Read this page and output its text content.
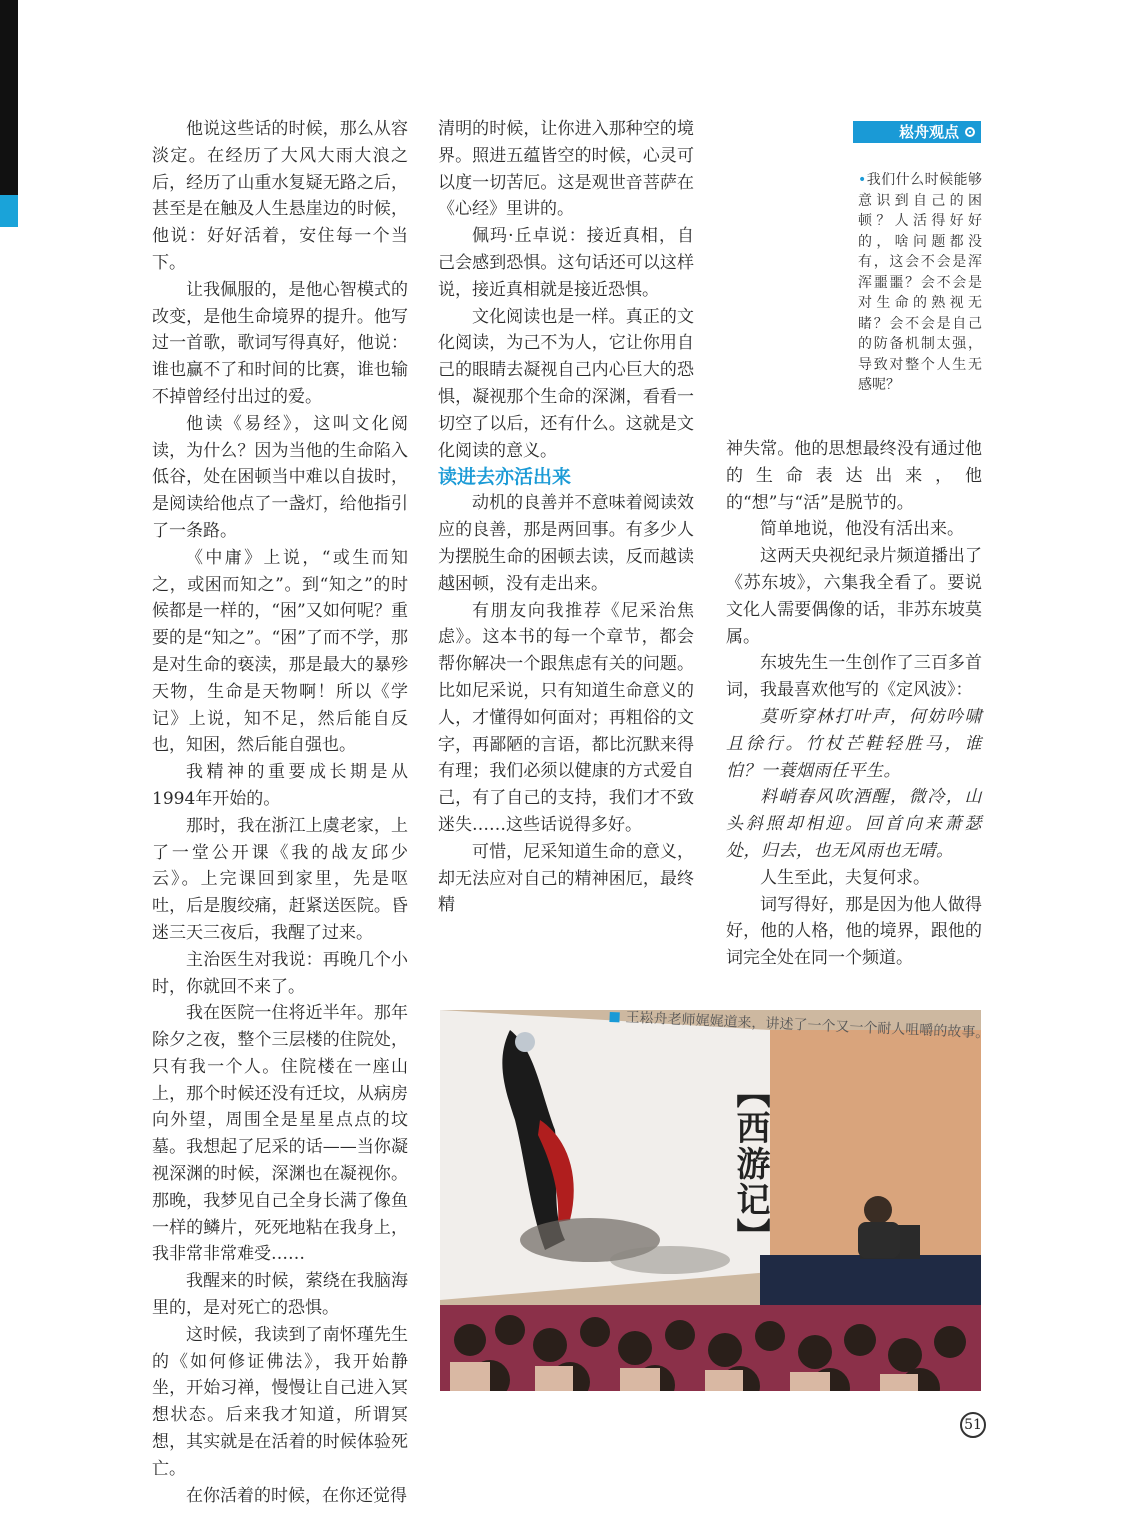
他说这些话的时候，那么从容淡定。在经历了大风大雨大浪之后，经历了山重水复疑无路之后，甚至是在触及人生悬崖边的时候，他说：好好活着，安住每一个当下。

让我佩服的，是他心智模式的改变，是他生命境界的提升。他写过一首歌，歌词写得真好，他说：谁也赢不了和时间的比赛，谁也输不掉曾经付出过的爱。

他读《易经》，这叫文化阅读，为什么？因为当他的生命陷入低谷，处在困顿当中难以自拔时，是阅读给他点了一盏灯，给他指引了一条路。

《中庸》上说，“或生而知之，或困而知之”。到“知之”的时候都是一样的，“困”又如何呢？重要的是“知之”。“困”了而不学，那是对生命的亵渎，那是最大的暴殄天物，生命是天物啊！所以《学记》上说，知不足，然后能自反也，知困，然后能自强也。

我精神的重要成长期是从1994年开始的。

那时，我在浙江上虞老家，上了一堂公开课《我的战友邱少云》。上完课回到家里，先是呕吐，后是腹绞痛，赶紧送医院。昏迷三天三夜后，我醒了过来。

主治医生对我说：再晚几个小时，你就回不来了。

我在医院一住将近半年。那年除夕之夜，整个三层楼的住院处，只有我一个人。住院楼在一座山上，那个时候还没有迁坟，从病房向外望，周围全是星星点点的坟墓。我想起了尼采的话——当你凝视深渊的时候，深渊也在凝视你。那晚，我梦见自己全身长满了像鱼一样的鳞片，死死地粘在我身上，我非常非常难受……

我醒来的时候，萦绕在我脑海里的，是对死亡的恐惧。

这时候，我读到了南怀瑾先生的《如何修证佛法》，我开始静坐，开始习禅，慢慢让自己进入冥想状态。后来我才知道，所谓冥想，其实就是在活着的时候体验死亡。

在你活着的时候，在你还觉得

清明的时候，让你进入那种空的境界。照进五蕴皆空的时候，心灵可以度一切苦厄。这是观世音菩萨在《心经》里讲的。

佩玛·丘卓说：接近真相，自己会感到恐惧。这句话还可以这样说，接近真相就是接近恐惧。

文化阅读也是一样。真正的文化阅读，为己不为人，它让你用自己的眼睛去凝视自己内心巨大的恐惧，凝视那个生命的深渊，看看一切空了以后，还有什么。这就是文化阅读的意义。

读进去亦活出来

动机的良善并不意味着阅读效应的良善，那是两回事。有多少人为摆脱生命的困顿去读，反而越读越困顿，没有走出来。

有朋友向我推荐《尼采治焦虑》。这本书的每一个章节，都会帮你解决一个跟焦虑有关的问题。比如尼采说，只有知道生命意义的人，才懂得如何面对；再粗俗的文字，再鄙陋的言语，都比沉默来得有理；我们必须以健康的方式爱自己，有了自己的支持，我们才不致迷失……这些话说得多好。

可惜，尼采知道生命的意义，却无法应对自己的精神困厄，最终精

崧舟观点
•我们什么时候能够意识到自己的困顿？人活得好好的，啥问题都没有，这会不会是浑浑噩噩？会不会是对生命的熟视无睹？会不会是自己的防备机制太强，导致对整个人生无感呢？

神失常。他的思想最终没有通过他的生命表达出来，他的“想”与“活”是脱节的。

简单地说，他没有活出来。

这两天央视纪录片频道播出了《苏东坡》，六集我全看了。要说文化人需要偶像的话，非苏东坡莫属。

东坡先生一生创作了三百多首词，我最喜欢他写的《定风波》：

莫听穿林打叶声，何妨吟啸且徐行。竹杖芒鞋轻胜马，谁怕？一蓑烟雨任平生。

料峭春风吹酒醒，微冷，山头斜照却相迎。回首向来萧瑟处，归去，也无风雨也无晴。

人生至此，夫复何求。

词写得好，那是因为他人做得好，他的人格，他的境界，跟他的词完全处在同一个频道。

【西游记】
王崧舟老师娓娓道来，讲述了一个又一个耐人咀嚼的故事。
51
